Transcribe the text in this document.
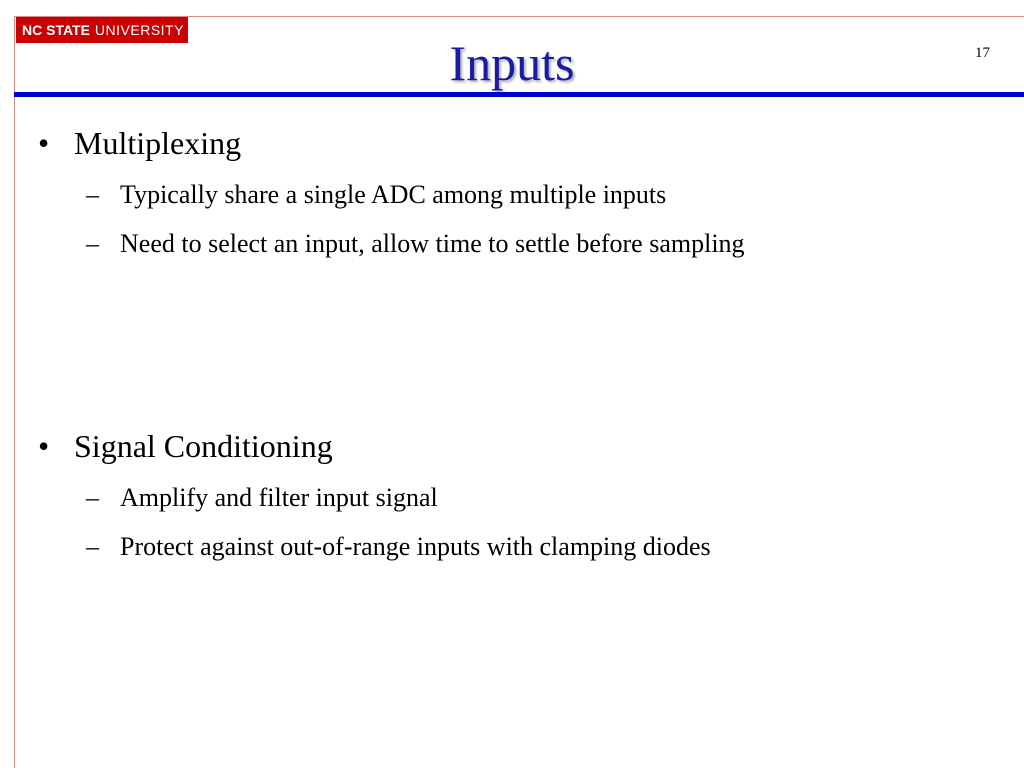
NC STATE UNIVERSITY
Inputs	17
• Multiplexing
– Typically share a single ADC among multiple inputs
– Need to select an input, allow time to settle before sampling
• Signal Conditioning
– Amplify and filter input signal
– Protect against out-of-range inputs with clamping diodes
